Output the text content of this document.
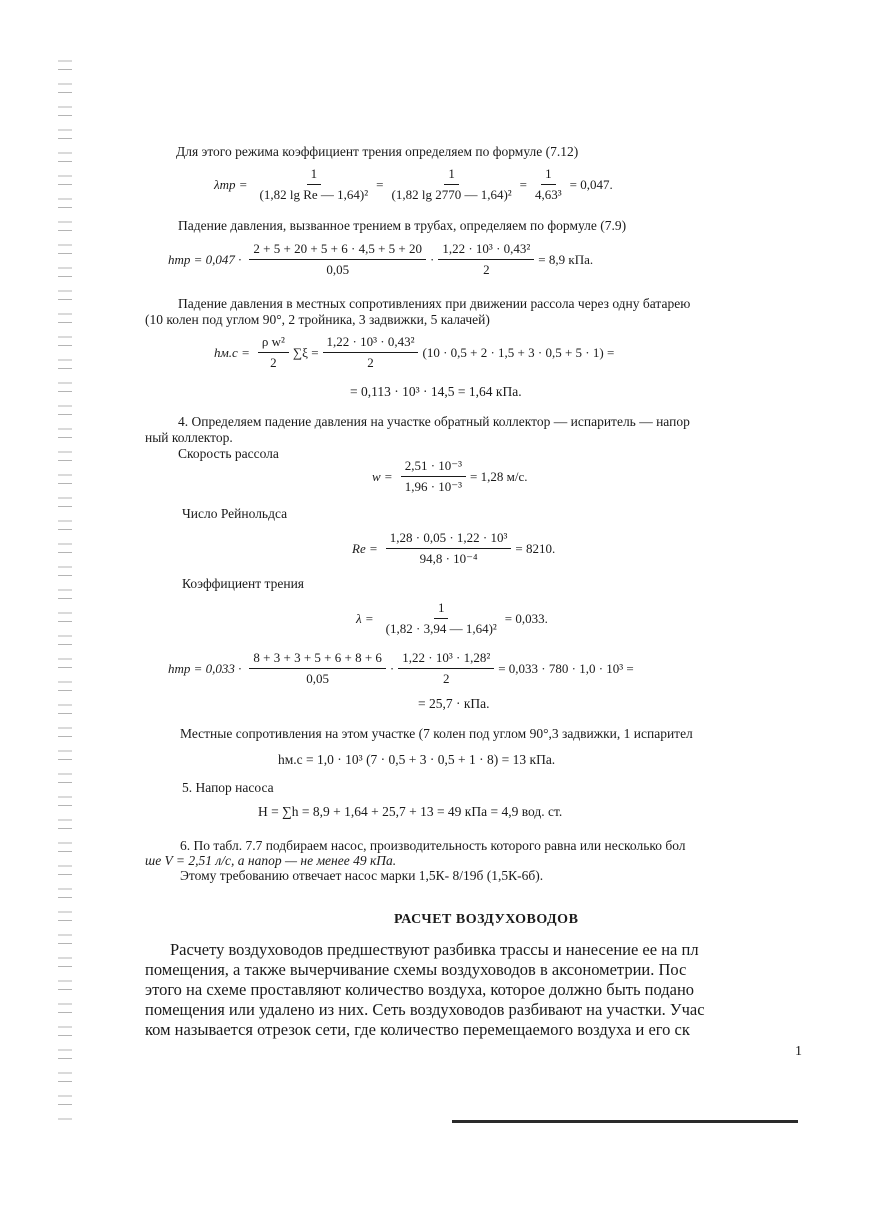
Для этого режима коэффициент трения определяем по формуле (7.12)
$\lambda тр = \frac{1}{\text{(1,82 lg Re — 1,64)²}} = \frac{1}{\text{(1,82 lg 2770 — 1,64)²}} = \frac{1}{\text{4,63³}} = 0,047$.
Падение давления, вызванное трением в трубах, определяем по формуле (7.9)
hтр = $0,047 \cdot \frac{2 + 5 + 20 + 5 + 6 \cdot 4,5 + 5 + 20}{0,05} \cdot \frac{\text{1,22 · 10³ · 0,43²}}{2} = 8,9$ кПа.
Падение давления в местных сопротивлениях при движении рассола через одну батарею
(10 колен под углом 90°, 2 тройника, 3 задвижки, 5 калачей)
$hм.с = \frac{\text{ρ w²}}{2} \sum\xi = \frac{\text{1,22 · 10³ · 0,43²}}{2} (10 \cdot 0,5 + 2 \cdot 1,5 + 3 \cdot 0,5 + 5 \cdot 1)$ =
= 0,113 · 10³ · 14,5 = 1,64 кПа.
4. Определяем падение давления на участке обратный коллектор — испаритель — напор
ный коллектор.
Скорость рассола
$w = \frac{\text{2,51 · 10⁻³}}{\text{1,96 · 10⁻³}} = 1,28$ м/с.
Число Рейнольдса
$Re = \frac{\text{1,28 · 0,05 · 1,22 · 10³}}{\text{94,8 · 10⁻⁴}} = 8210$.
Коэффициент трения
$\lambda = \frac{1}{\text{(1,82 · 3,94 — 1,64)²}} = 0,033$.
hтр = $0,033 \cdot \frac{8 + 3 + 3 + 5 + 6 + 8 + 6}{0,05} \cdot \frac{\text{1,22 · 10³ · 1,28²}}{2} = 0,033 \cdot 780 \cdot 1,0 \cdot 10^3$ =
= 25,7 · кПа.
Местные сопротивления на этом участке (7 колен под углом 90°,3 задвижки, 1 испарител
hм.с = 1,0 · 10³ (7 · 0,5 + 3 · 0,5 + 1 · 8) = 13 кПа.
5. Напор насоса
H = ∑h = 8,9 + 1,64 + 25,7 + 13 = 49 кПа = 4,9 вод. ст.
6. По табл. 7.7 подбираем насос, производительность которого равна или несколько бол
ше V = 2,51 л/с, а напор — не менее 49 кПа.
Этому требованию отвечает насос марки 1,5К- 8/19б (1,5К-6б).
РАСЧЕТ ВОЗДУХОВОДОВ
Расчету воздуховодов предшествуют разбивка трассы и нанесение ее на пл
помещения, а также вычерчивание схемы воздуховодов в аксонометрии. Пос
этого на схеме проставляют количество воздуха, которое должно быть подано
помещения или удалено из них. Сеть воздуховодов разбивают на участки. Учас
ком называется отрезок сети, где количество перемещаемого воздуха и его ск
1
